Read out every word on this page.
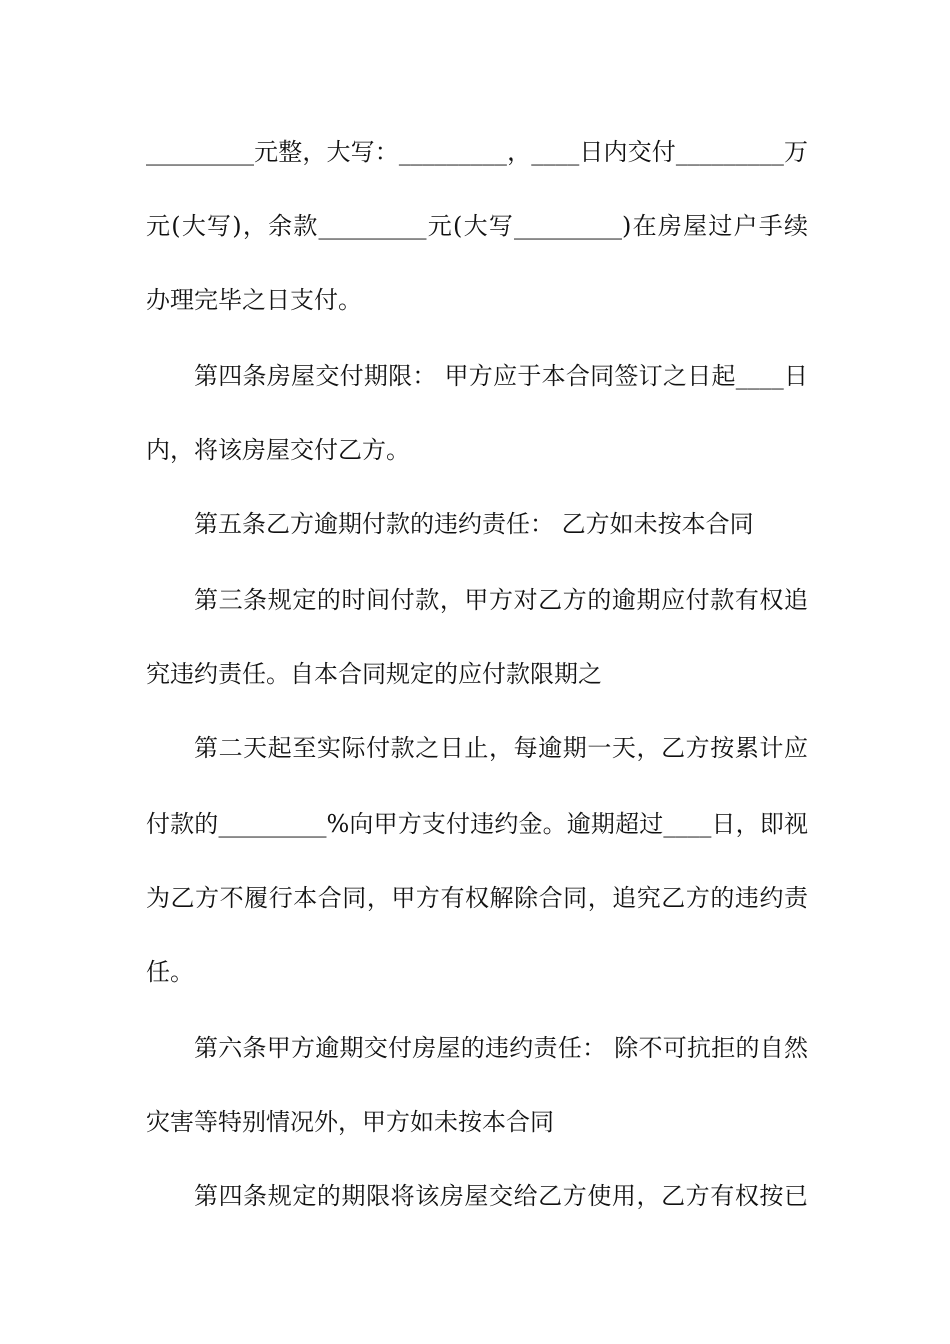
_________元整，大写：_________，____日内交付_________万
元(大写)，余款_________元(大写_________)在房屋过户手续
办理完毕之日支付。
第四条房屋交付期限： 甲方应于本合同签订之日起____日
内，将该房屋交付乙方。
第五条乙方逾期付款的违约责任： 乙方如未按本合同
第三条规定的时间付款，甲方对乙方的逾期应付款有权追
究违约责任。自本合同规定的应付款限期之
第二天起至实际付款之日止，每逾期一天，乙方按累计应
付款的_________%向甲方支付违约金。逾期超过____日，即视
为乙方不履行本合同，甲方有权解除合同，追究乙方的违约责
任。
第六条甲方逾期交付房屋的违约责任： 除不可抗拒的自然
灾害等特别情况外，甲方如未按本合同
第四条规定的期限将该房屋交给乙方使用，乙方有权按已
